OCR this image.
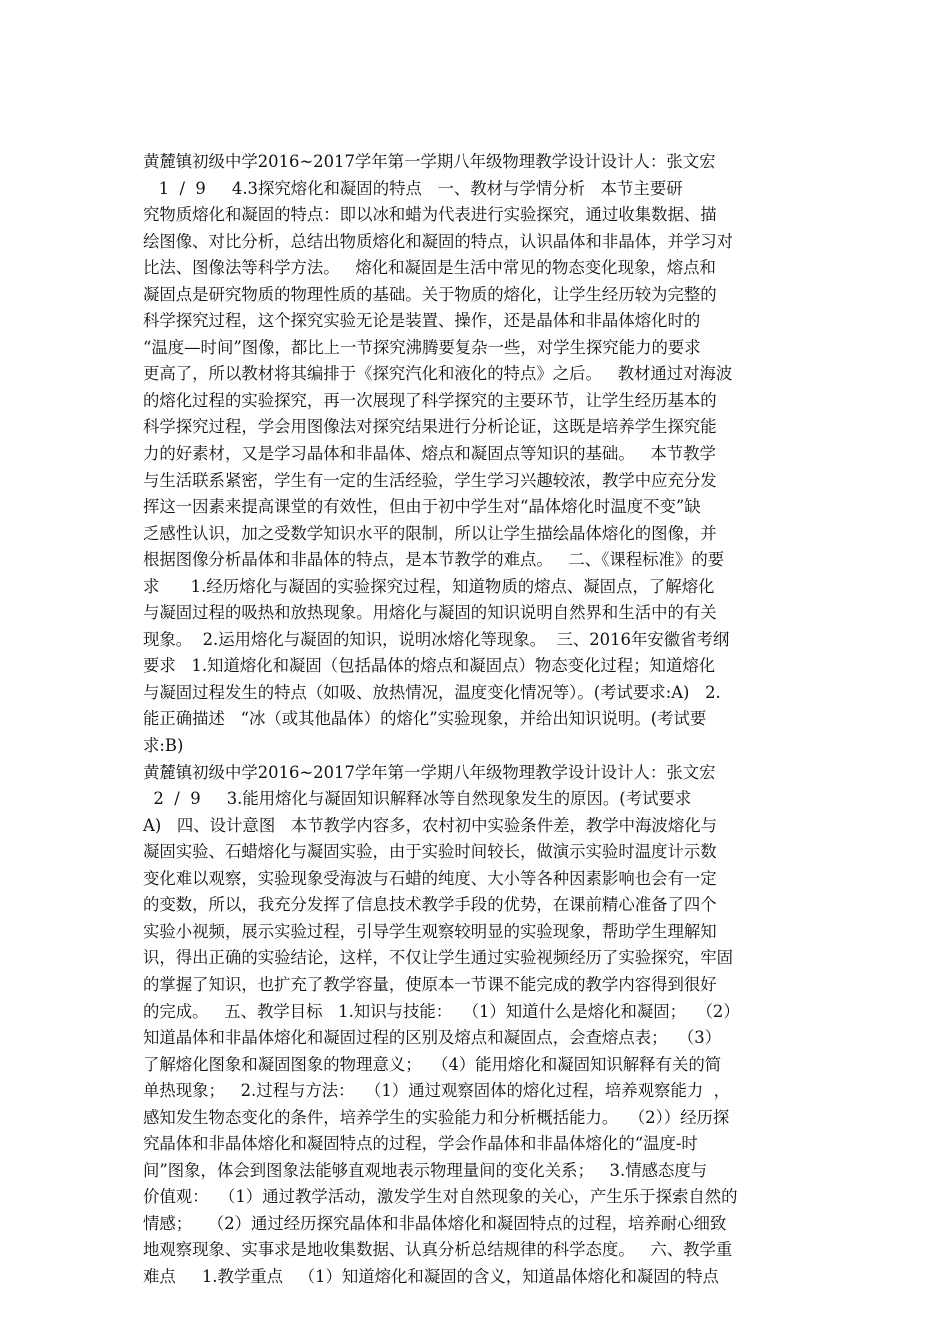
黄麓镇初级中学2016~2017学年第一学期八年级物理教学设计设计人：张文宏
1  /  9     4.3探究熔化和凝固的特点   一、教材与学情分析   本节主要研
究物质熔化和凝固的特点：即以冰和蜡为代表进行实验探究，通过收集数据、描
绘图像、对比分析，总结出物质熔化和凝固的特点，认识晶体和非晶体，并学习对
比法、图像法等科学方法。   熔化和凝固是生活中常见的物态变化现象，熔点和
凝固点是研究物质的物理性质的基础。关于物质的熔化，让学生经历较为完整的
科学探究过程，这个探究实验无论是装置、操作，还是晶体和非晶体熔化时的
“温度—时间”图像，都比上一节探究沸腾要复杂一些，对学生探究能力的要求
更高了，所以教材将其编排于《探究汽化和液化的特点》之后。   教材通过对海波
的熔化过程的实验探究，再一次展现了科学探究的主要环节，让学生经历基本的
科学探究过程，学会用图像法对探究结果进行分析论证，这既是培养学生探究能
力的好素材，又是学习晶体和非晶体、熔点和凝固点等知识的基础。   本节教学
与生活联系紧密，学生有一定的生活经验，学生学习兴趣较浓，教学中应充分发
挥这一因素来提高课堂的有效性，但由于初中学生对“晶体熔化时温度不变”缺
乏感性认识，加之受数学知识水平的限制，所以让学生描绘晶体熔化的图像，并
根据图像分析晶体和非晶体的特点，是本节教学的难点。   二、《课程标准》的要
求      1.经历熔化与凝固的实验探究过程，知道物质的熔点、凝固点，了解熔化
与凝固过程的吸热和放热现象。用熔化与凝固的知识说明自然界和生活中的有关
现象。  2.运用熔化与凝固的知识，说明冰熔化等现象。  三、2016年安徽省考纲
要求   1.知道熔化和凝固（包括晶体的熔点和凝固点）物态变化过程；知道熔化
与凝固过程发生的特点（如吸、放热情况，温度变化情况等）。(考试要求:A)   2.
能正确描述   “冰（或其他晶体）的熔化”实验现象，并给出知识说明。(考试要
求:B)
黄麓镇初级中学2016~2017学年第一学期八年级物理教学设计设计人：张文宏
2  /  9     3.能用熔化与凝固知识解释冰等自然现象发生的原因。(考试要求
A)   四、设计意图   本节教学内容多，农村初中实验条件差，教学中海波熔化与
凝固实验、石蜡熔化与凝固实验，由于实验时间较长，做演示实验时温度计示数
变化难以观察，实验现象受海波与石蜡的纯度、大小等各种因素影响也会有一定
的变数，所以，我充分发挥了信息技术教学手段的优势，在课前精心准备了四个
实验小视频，展示实验过程，引导学生观察较明显的实验现象，帮助学生理解知
识，得出正确的实验结论，这样，不仅让学生通过实验视频经历了实验探究，牢固
的掌握了知识，也扩充了教学容量，使原本一节课不能完成的教学内容得到很好
的完成。   五、教学目标   1.知识与技能：  （1）知道什么是熔化和凝固；  （2）
知道晶体和非晶体熔化和凝固过程的区别及熔点和凝固点，会查熔点表；  （3）
了解熔化图象和凝固图象的物理意义；  （4）能用熔化和凝固知识解释有关的简
单热现象；   2.过程与方法：  （1）通过观察固体的熔化过程，培养观察能力  ，
感知发生物态变化的条件，培养学生的实验能力和分析概括能力。  （2））经历探
究晶体和非晶体熔化和凝固特点的过程，学会作晶体和非晶体熔化的“温度-时
间”图象，体会到图象法能够直观地表示物理量间的变化关系；   3.情感态度与
价值观：  （1）通过教学活动，激发学生对自然现象的关心，产生乐于探索自然的
情感；   （2）通过经历探究晶体和非晶体熔化和凝固特点的过程，培养耐心细致
地观察现象、实事求是地收集数据、认真分析总结规律的科学态度。   六、教学重
难点     1.教学重点   （1）知道熔化和凝固的含义，知道晶体熔化和凝固的特点
